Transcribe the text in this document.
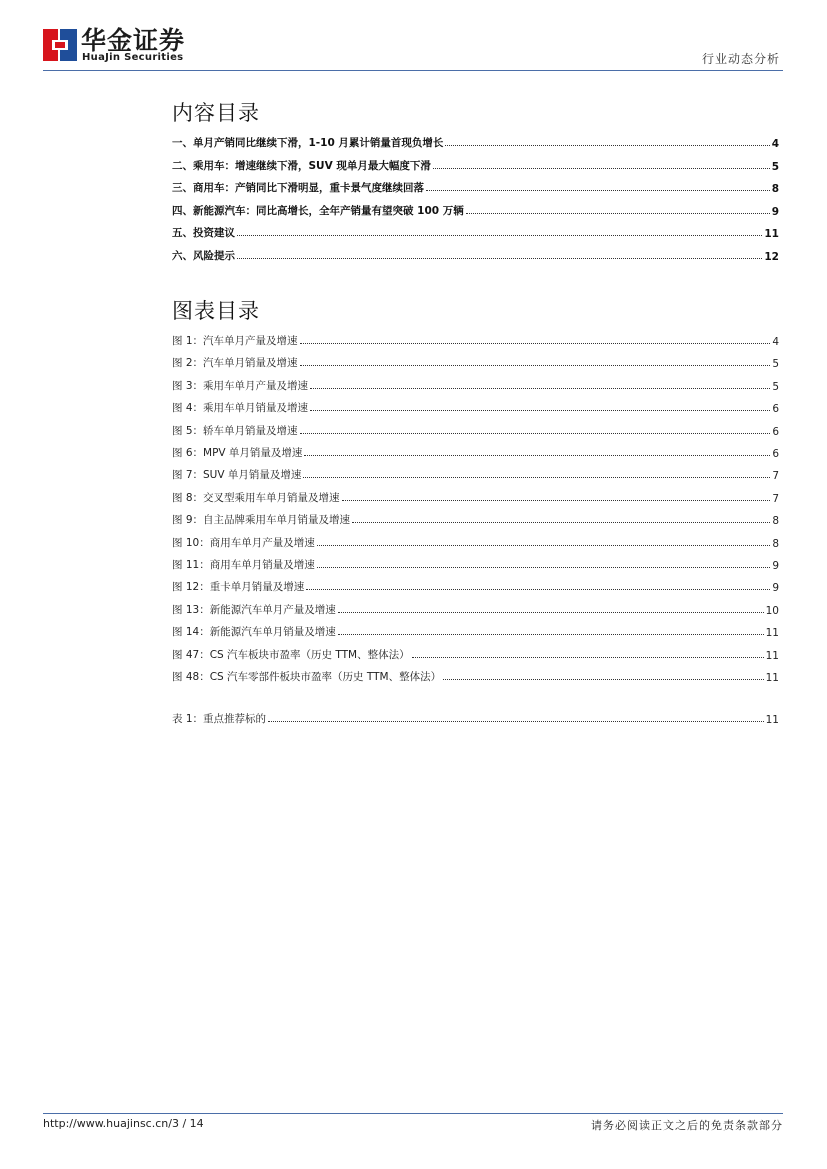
华金证券
HuaJin Securities	行业动态分析
内容目录
一、单月产销同比继续下滑，1-10 月累计销量首现负增长	4
二、乘用车：增速继续下滑，SUV 现单月最大幅度下滑	5
三、商用车：产销同比下滑明显，重卡景气度继续回落	8
四、新能源汽车：同比高增长，全年产销量有望突破 100 万辆	9
五、投资建议	11
六、风险提示	12
图表目录
图 1：汽车单月产量及增速	4
图 2：汽车单月销量及增速	5
图 3：乘用车单月产量及增速	5
图 4：乘用车单月销量及增速	6
图 5：轿车单月销量及增速	6
图 6：MPV 单月销量及增速	6
图 7：SUV 单月销量及增速	7
图 8：交叉型乘用车单月销量及增速	7
图 9：自主品牌乘用车单月销量及增速	8
图 10：商用车单月产量及增速	8
图 11：商用车单月销量及增速	9
图 12：重卡单月销量及增速	9
图 13：新能源汽车单月产量及增速	10
图 14：新能源汽车单月销量及增速	11
图 47：CS 汽车板块市盈率（历史 TTM、整体法）	11
图 48：CS 汽车零部件板块市盈率（历史 TTM、整体法）	11
表 1：重点推荐标的	11
http://www.huajinsc.cn/3 / 14	请务必阅读正文之后的免责条款部分
